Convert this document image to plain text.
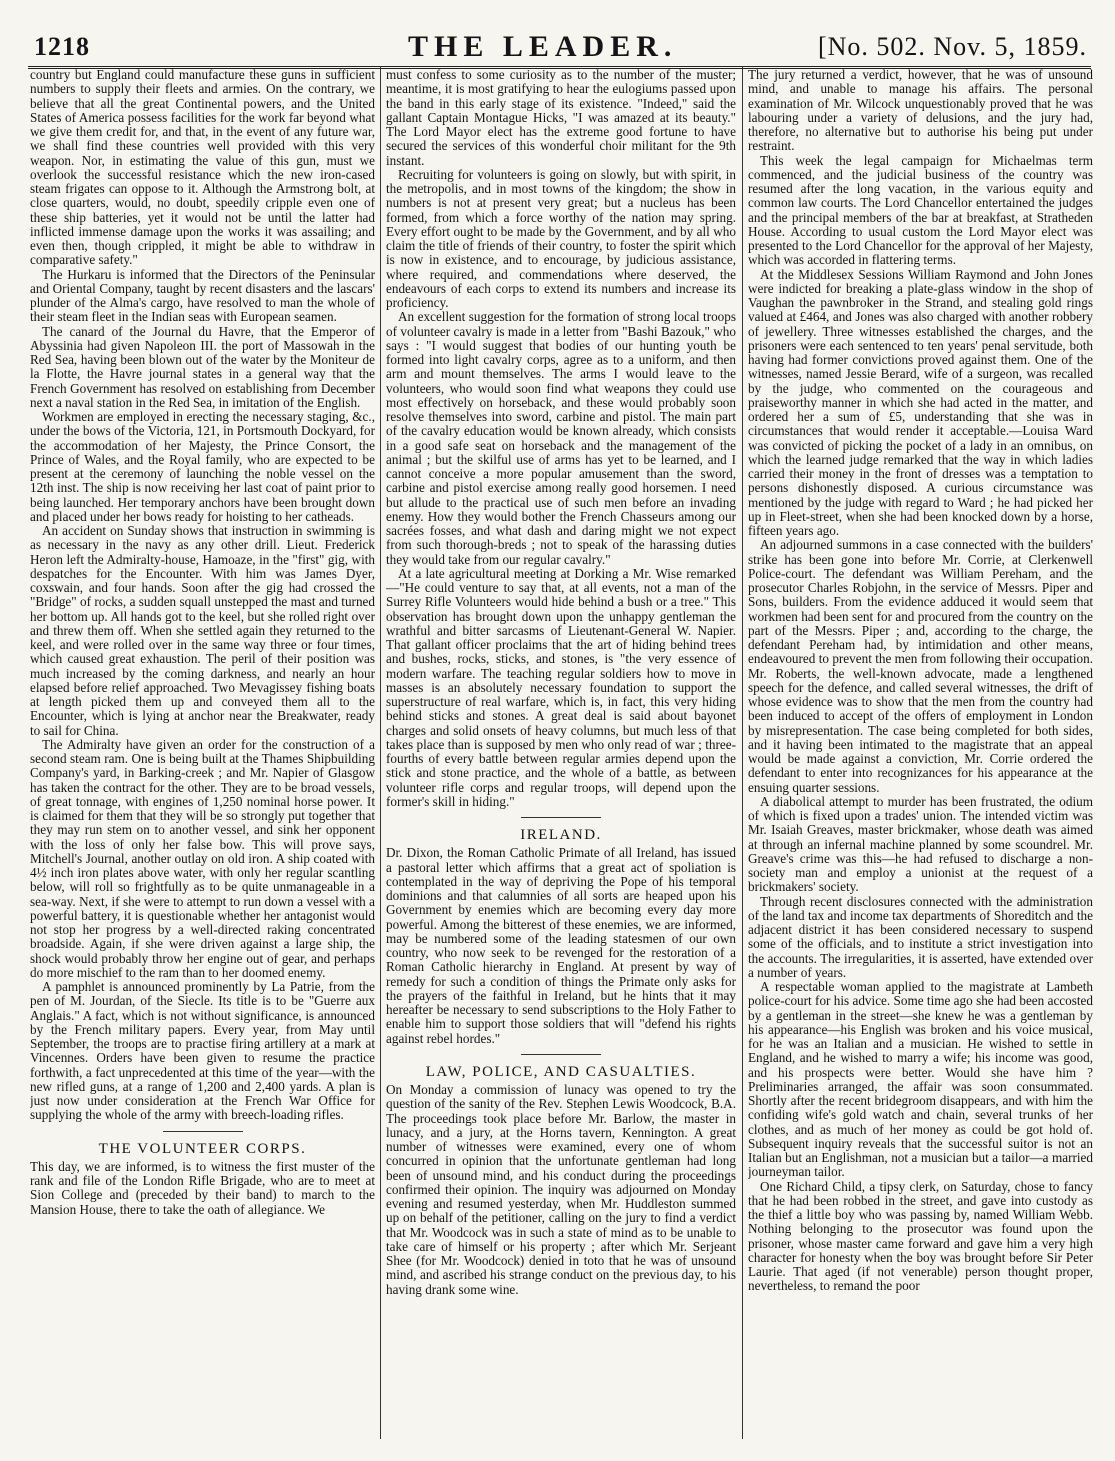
1218	THE LEADER.	[No. 502. Nov. 5, 1859.

country but England could manufacture these guns in sufficient numbers to supply their fleets and armies. On the contrary, we believe that all the great Continental powers, and the United States of America possess facilities for the work far beyond what we give them credit for, and that, in the event of any future war, we shall find these countries well provided with this very weapon. Nor, in estimating the value of this gun, must we overlook the successful resistance which the new iron-cased steam frigates can oppose to it. Although the Armstrong bolt, at close quarters, would, no doubt, speedily cripple even one of these ship batteries, yet it would not be until the latter had inflicted immense damage upon the works it was assailing; and even then, though crippled, it might be able to withdraw in comparative safety."

The Hurkaru is informed that the Directors of the Peninsular and Oriental Company, taught by recent disasters and the lascars' plunder of the Alma's cargo, have resolved to man the whole of their steam fleet in the Indian seas with European seamen.

The canard of the Journal du Havre, that the Emperor of Abyssinia had given Napoleon III. the port of Massowah in the Red Sea, having been blown out of the water by the Moniteur de la Flotte, the Havre journal states in a general way that the French Government has resolved on establishing from December next a naval station in the Red Sea, in imitation of the English.

Workmen are employed in erecting the necessary staging, &c., under the bows of the Victoria, 121, in Portsmouth Dockyard, for the accommodation of her Majesty, the Prince Consort, the Prince of Wales, and the Royal family, who are expected to be present at the ceremony of launching the noble vessel on the 12th inst. The ship is now receiving her last coat of paint prior to being launched. Her temporary anchors have been brought down and placed under her bows ready for hoisting to her catheads.

An accident on Sunday shows that instruction in swimming is as necessary in the navy as any other drill. Lieut. Frederick Heron left the Admiralty-house, Hamoaze, in the "first" gig, with despatches for the Encounter. With him was James Dyer, coxswain, and four hands. Soon after the gig had crossed the "Bridge" of rocks, a sudden squall unstepped the mast and turned her bottom up. All hands got to the keel, but she rolled right over and threw them off. When she settled again they returned to the keel, and were rolled over in the same way three or four times, which caused great exhaustion. The peril of their position was much increased by the coming darkness, and nearly an hour elapsed before relief approached. Two Mevagissey fishing boats at length picked them up and conveyed them all to the Encounter, which is lying at anchor near the Breakwater, ready to sail for China.

The Admiralty have given an order for the construction of a second steam ram. One is being built at the Thames Shipbuilding Company's yard, in Barking-creek ; and Mr. Napier of Glasgow has taken the contract for the other. They are to be broad vessels, of great tonnage, with engines of 1,250 nominal horse power. It is claimed for them that they will be so strongly put together that they may run stem on to another vessel, and sink her opponent with the loss of only her false bow. This will prove says, Mitchell's Journal, another outlay on old iron. A ship coated with 4½ inch iron plates above water, with only her regular scantling below, will roll so frightfully as to be quite unmanageable in a sea-way. Next, if she were to attempt to run down a vessel with a powerful battery, it is questionable whether her antagonist would not stop her progress by a well-directed raking concentrated broadside. Again, if she were driven against a large ship, the shock would probably throw her engine out of gear, and perhaps do more mischief to the ram than to her doomed enemy.

A pamphlet is announced prominently by La Patrie, from the pen of M. Jourdan, of the Siecle. Its title is to be "Guerre aux Anglais." A fact, which is not without significance, is announced by the French military papers. Every year, from May until September, the troops are to practise firing artillery at a mark at Vincennes. Orders have been given to resume the practice forthwith, a fact unprecedented at this time of the year—with the new rifled guns, at a range of 1,200 and 2,400 yards. A plan is just now under consideration at the French War Office for supplying the whole of the army with breech-loading rifles.

THE VOLUNTEER CORPS.

This day, we are informed, is to witness the first muster of the rank and file of the London Rifle Brigade, who are to meet at Sion College and (preceded by their band) to march to the Mansion House, there to take the oath of allegiance. We

must confess to some curiosity as to the number of the muster; meantime, it is most gratifying to hear the eulogiums passed upon the band in this early stage of its existence. "Indeed," said the gallant Captain Montague Hicks, "I was amazed at its beauty." The Lord Mayor elect has the extreme good fortune to have secured the services of this wonderful choir militant for the 9th instant.

Recruiting for volunteers is going on slowly, but with spirit, in the metropolis, and in most towns of the kingdom; the show in numbers is not at present very great; but a nucleus has been formed, from which a force worthy of the nation may spring. Every effort ought to be made by the Government, and by all who claim the title of friends of their country, to foster the spirit which is now in existence, and to encourage, by judicious assistance, where required, and commendations where deserved, the endeavours of each corps to extend its numbers and increase its proficiency.

An excellent suggestion for the formation of strong local troops of volunteer cavalry is made in a letter from "Bashi Bazouk," who says : "I would suggest that bodies of our hunting youth be formed into light cavalry corps, agree as to a uniform, and then arm and mount themselves. The arms I would leave to the volunteers, who would soon find what weapons they could use most effectively on horseback, and these would probably soon resolve themselves into sword, carbine and pistol. The main part of the cavalry education would be known already, which consists in a good safe seat on horseback and the management of the animal ; but the skilful use of arms has yet to be learned, and I cannot conceive a more popular amusement than the sword, carbine and pistol exercise among really good horsemen. I need but allude to the practical use of such men before an invading enemy. How they would bother the French Chasseurs among our sacrées fosses, and what dash and daring might we not expect from such thorough-breds ; not to speak of the harassing duties they would take from our regular cavalry."

At a late agricultural meeting at Dorking a Mr. Wise remarked—"He could venture to say that, at all events, not a man of the Surrey Rifle Volunteers would hide behind a bush or a tree." This observation has brought down upon the unhappy gentleman the wrathful and bitter sarcasms of Lieutenant-General W. Napier. That gallant officer proclaims that the art of hiding behind trees and bushes, rocks, sticks, and stones, is "the very essence of modern warfare. The teaching regular soldiers how to move in masses is an absolutely necessary foundation to support the superstructure of real warfare, which is, in fact, this very hiding behind sticks and stones. A great deal is said about bayonet charges and solid onsets of heavy columns, but much less of that takes place than is supposed by men who only read of war ; three-fourths of every battle between regular armies depend upon the stick and stone practice, and the whole of a battle, as between volunteer rifle corps and regular troops, will depend upon the former's skill in hiding."

IRELAND.

Dr. Dixon, the Roman Catholic Primate of all Ireland, has issued a pastoral letter which affirms that a great act of spoliation is contemplated in the way of depriving the Pope of his temporal dominions and that calumnies of all sorts are heaped upon his Government by enemies which are becoming every day more powerful. Among the bitterest of these enemies, we are informed, may be numbered some of the leading statesmen of our own country, who now seek to be revenged for the restoration of a Roman Catholic hierarchy in England. At present by way of remedy for such a condition of things the Primate only asks for the prayers of the faithful in Ireland, but he hints that it may hereafter be necessary to send subscriptions to the Holy Father to enable him to support those soldiers that will "defend his rights against rebel hordes."

LAW, POLICE, AND CASUALTIES.

On Monday a commission of lunacy was opened to try the question of the sanity of the Rev. Stephen Lewis Woodcock, B.A. The proceedings took place before Mr. Barlow, the master in lunacy, and a jury, at the Horns tavern, Kennington. A great number of witnesses were examined, every one of whom concurred in opinion that the unfortunate gentleman had long been of unsound mind, and his conduct during the proceedings confirmed their opinion. The inquiry was adjourned on Monday evening and resumed yesterday, when Mr. Huddleston summed up on behalf of the petitioner, calling on the jury to find a verdict that Mr. Woodcock was in such a state of mind as to be unable to take care of himself or his property ; after which Mr. Serjeant Shee (for Mr. Woodcock) denied in toto that he was of unsound mind, and ascribed his strange conduct on the previous day, to his having drank some wine.

The jury returned a verdict, however, that he was of unsound mind, and unable to manage his affairs. The personal examination of Mr. Wilcock unquestionably proved that he was labouring under a variety of delusions, and the jury had, therefore, no alternative but to authorise his being put under restraint.

This week the legal campaign for Michaelmas term commenced, and the judicial business of the country was resumed after the long vacation, in the various equity and common law courts. The Lord Chancellor entertained the judges and the principal members of the bar at breakfast, at Stratheden House. According to usual custom the Lord Mayor elect was presented to the Lord Chancellor for the approval of her Majesty, which was accorded in flattering terms.

At the Middlesex Sessions William Raymond and John Jones were indicted for breaking a plate-glass window in the shop of Vaughan the pawnbroker in the Strand, and stealing gold rings valued at £464, and Jones was also charged with another robbery of jewellery. Three witnesses established the charges, and the prisoners were each sentenced to ten years' penal servitude, both having had former convictions proved against them. One of the witnesses, named Jessie Berard, wife of a surgeon, was recalled by the judge, who commented on the courageous and praiseworthy manner in which she had acted in the matter, and ordered her a sum of £5, understanding that she was in circumstances that would render it acceptable.—Louisa Ward was convicted of picking the pocket of a lady in an omnibus, on which the learned judge remarked that the way in which ladies carried their money in the front of dresses was a temptation to persons dishonestly disposed. A curious circumstance was mentioned by the judge with regard to Ward ; he had picked her up in Fleet-street, when she had been knocked down by a horse, fifteen years ago.

An adjourned summons in a case connected with the builders' strike has been gone into before Mr. Corrie, at Clerkenwell Police-court. The defendant was William Pereham, and the prosecutor Charles Robjohn, in the service of Messrs. Piper and Sons, builders. From the evidence adduced it would seem that workmen had been sent for and procured from the country on the part of the Messrs. Piper ; and, according to the charge, the defendant Pereham had, by intimidation and other means, endeavoured to prevent the men from following their occupation. Mr. Roberts, the well-known advocate, made a lengthened speech for the defence, and called several witnesses, the drift of whose evidence was to show that the men from the country had been induced to accept of the offers of employment in London by misrepresentation. The case being completed for both sides, and it having been intimated to the magistrate that an appeal would be made against a conviction, Mr. Corrie ordered the defendant to enter into recognizances for his appearance at the ensuing quarter sessions.

A diabolical attempt to murder has been frustrated, the odium of which is fixed upon a trades' union. The intended victim was Mr. Isaiah Greaves, master brickmaker, whose death was aimed at through an infernal machine planned by some scoundrel. Mr. Greave's crime was this—he had refused to discharge a non-society man and employ a unionist at the request of a brickmakers' society.

Through recent disclosures connected with the administration of the land tax and income tax departments of Shoreditch and the adjacent district it has been considered necessary to suspend some of the officials, and to institute a strict investigation into the accounts. The irregularities, it is asserted, have extended over a number of years.

A respectable woman applied to the magistrate at Lambeth police-court for his advice. Some time ago she had been accosted by a gentleman in the street—she knew he was a gentleman by his appearance—his English was broken and his voice musical, for he was an Italian and a musician. He wished to settle in England, and he wished to marry a wife; his income was good, and his prospects were better. Would she have him ? Preliminaries arranged, the affair was soon consummated. Shortly after the recent bridegroom disappears, and with him the confiding wife's gold watch and chain, several trunks of her clothes, and as much of her money as could be got hold of. Subsequent inquiry reveals that the successful suitor is not an Italian but an Englishman, not a musician but a tailor—a married journeyman tailor.

One Richard Child, a tipsy clerk, on Saturday, chose to fancy that he had been robbed in the street, and gave into custody as the thief a little boy who was passing by, named William Webb. Nothing belonging to the prosecutor was found upon the prisoner, whose master came forward and gave him a very high character for honesty when the boy was brought before Sir Peter Laurie. That aged (if not venerable) person thought proper, nevertheless, to remand the poor
